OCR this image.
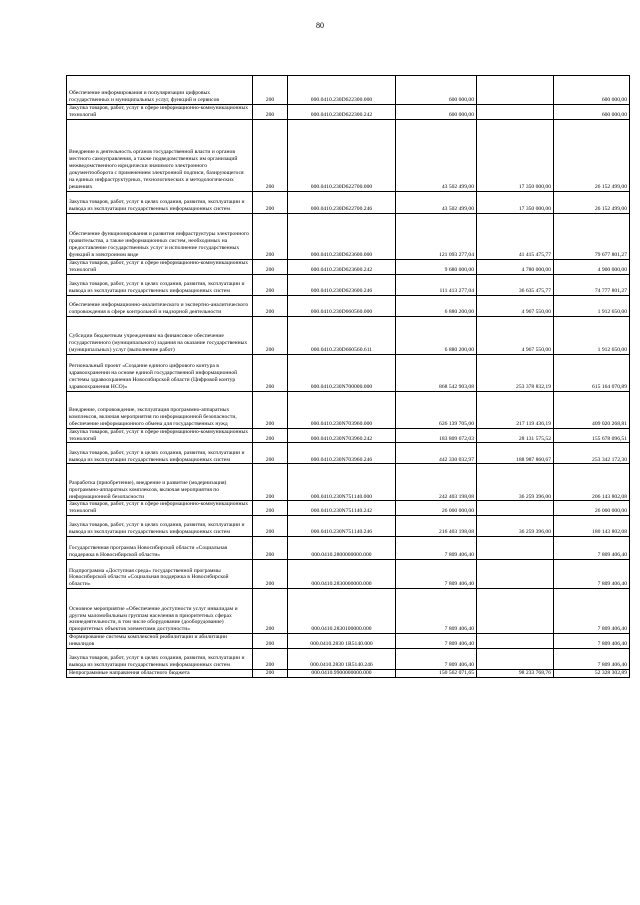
80
Обеспечение информирования и популяризации цифровых государственных и муниципальных услуг, функций и сервисов	200	000.0410.230D622300.000	600 000,00		600 000,00
Закупка товаров, работ, услуг в сфере информационно-коммуникационных технологий	200	000.0410.230D622300.242	600 000,00		600 000,00
Внедрение в деятельность органов государственной власти и органов местного самоуправления, а также подведомственных им организаций межведомственного юридически значимого электронного документооборота с применением электронной подписи, базирующегося на единых инфраструктурных, технологических и методологических решениях	200	000.0410.230D622700.000	43 502 499,00	17 350 000,00	26 152 499,00
Закупка товаров, работ, услуг в целях создания, развития, эксплуатации и вывода из эксплуатации государственных информационных систем	200	000.0410.230D622700.246	43 502 499,00	17 350 000,00	26 152 499,00
Обеспечение функционирования и развития инфраструктуры электронного правительства, а также информационных систем, необходимых на предоставление государственных услуг и исполнение государственных функций в электронном виде	200	000.0410.230D623600.000	121 093 277,04	41 415 475,77	79 677 801,27
Закупка товаров, работ, услуг в сфере информационно-коммуникационных технологий	200	000.0410.230D623600.242	9 680 000,00	4 780 000,00	4 900 000,00
Закупка товаров, работ, услуг в целях создания, развития, эксплуатации и вывода из эксплуатации государственных информационных систем	200	000.0410.230D623600.246	111 413 277,04	36 635 475,77	74 777 801,27
Обеспечение информационно-аналитического и экспертно-аналитического сопровождения в сфере контрольной и надзорной деятельности	200	000.0410.230D660560.000	6 880 200,00	4 967 550,00	1 912 650,00
Субсидии бюджетным учреждениям на финансовое обеспечение государственного (муниципального) задания на оказание государственных (муниципальных) услуг (выполнение работ)	200	000.0410.230D660560.611	6 880 200,00	4 967 550,00	1 912 650,00
Региональный проект «Создание единого цифрового контура в здравоохранении на основе единой государственной информационной системы здравоохранения Новосибирской области (Цифровой контур здравоохранения НСО)»	200	000.0410.230N700000.000	868 542 903,08	253 378 832,19	615 164 070,89
Внедрение, сопровождение, эксплуатация программно-аппаратных комплексов, включая мероприятия по информационной безопасности, обеспечение информационного обмена для государственных нужд	200	000.0410.230N703960.000	626 139 705,00	217 119 436,19	409 020 268,81
Закупка товаров, работ, услуг в сфере информационно-коммуникационных технологий	200	000.0410.230N703960.242	183 809 672,03	28 131 575,52	155 678 096,51
Закупка товаров, работ, услуг в целях создания, развития, эксплуатации и вывода из эксплуатации государственных информационных систем	200	000.0410.230N703960.246	442 330 032,97	188 987 860,67	253 342 172,30
Разработка (приобретение), внедрение и развитие (модернизация) программно-аппаратных комплексов, включая мероприятия по информационной безопасности	200	000.0410.230N751140.000	242 403 198,08	36 259 396,00	206 143 802,08
Закупка товаров, работ, услуг в сфере информационно-коммуникационных технологий	200	000.0410.230N751140.242	26 000 000,00		26 000 000,00
Закупка товаров, работ, услуг в целях создания, развития, эксплуатации и вывода из эксплуатации государственных информационных систем	200	000.0410.230N751140.246	216 403 198,08	36 259 396,00	180 143 802,08
Государственная программа Новосибирской области «Социальная поддержка в Новосибирской области»	200	000.0410.2800000000.000	7 809 406,40		7 809 406,40
Подпрограмма «Доступная среда» государственной программы Новосибирской области «Социальная поддержка в Новосибирской области»	200	000.0410.2830000000.000	7 809 406,40		7 809 406,40
Основное мероприятие «Обеспечение доступности услуг инвалидам и другим маломобильным группам населения в приоритетных сферах жизнедеятельности, в том числе оборудование (дооборудование) приоритетных объектов элементами доступности»	200	000.0410.2830100000.000	7 809 406,40		7 809 406,40
Формирование системы комплексной реабилитации и абилитации инвалидов	200	000.0410.2830 1R5140.000	7 809 406,40		7 809 406,40
Закупка товаров, работ, услуг в целях создания, развития, эксплуатации и вывода из эксплуатации государственных информационных систем	200	000.0410.2830 1R5140.246	7 809 406,40		7 809 406,40
Непрограммные направления областного бюджета	200	000.0410.9900000000.000	150 562 071,65	98 233 768,76	52 328 302,89
